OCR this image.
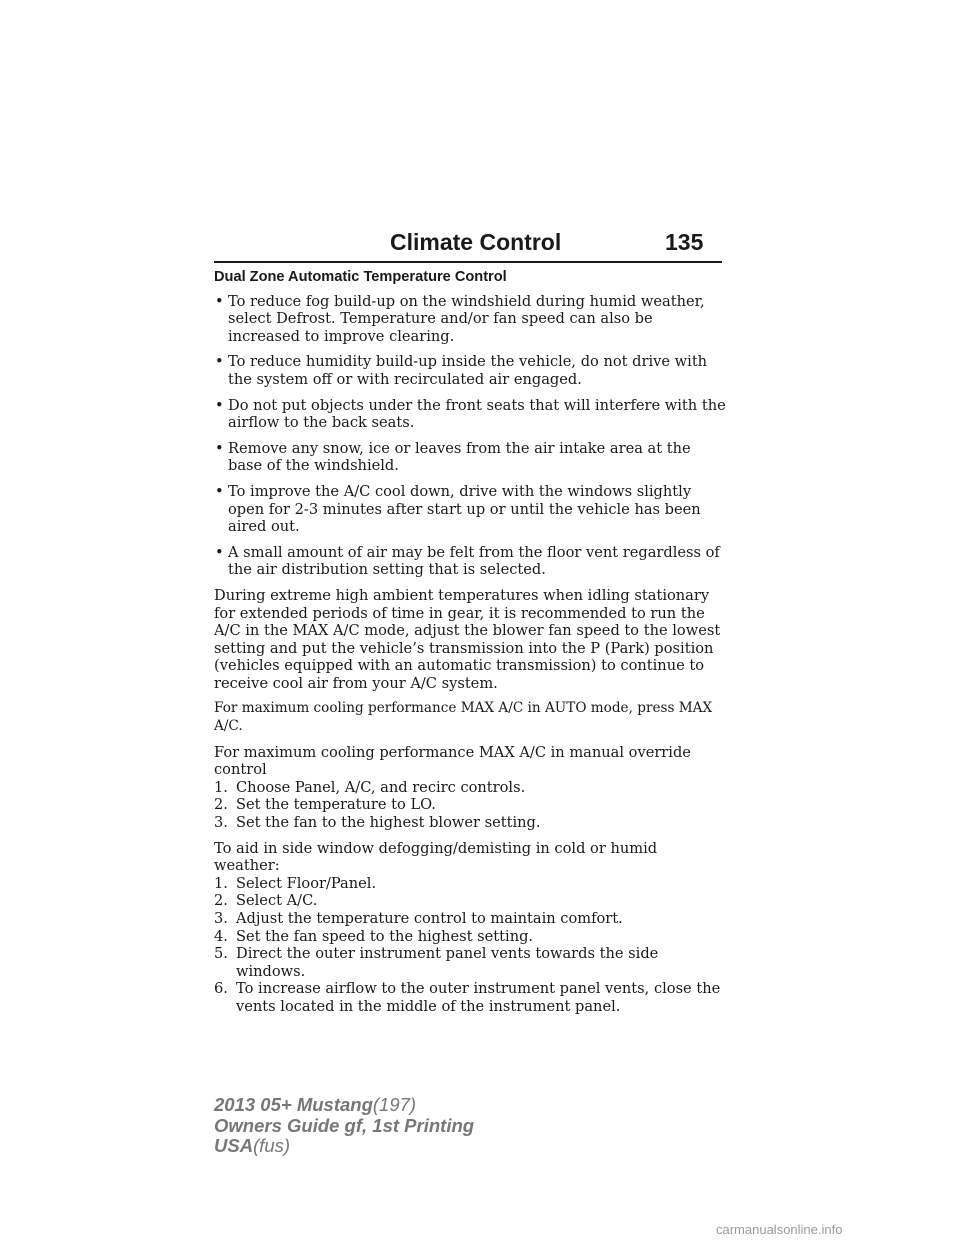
Climate Control	135
Dual Zone Automatic Temperature Control
• To reduce fog build-up on the windshield during humid weather, select Defrost. Temperature and/or fan speed can also be increased to improve clearing.
• To reduce humidity build-up inside the vehicle, do not drive with the system off or with recirculated air engaged.
• Do not put objects under the front seats that will interfere with the airflow to the back seats.
• Remove any snow, ice or leaves from the air intake area at the base of the windshield.
• To improve the A/C cool down, drive with the windows slightly open for 2-3 minutes after start up or until the vehicle has been aired out.
• A small amount of air may be felt from the floor vent regardless of the air distribution setting that is selected.

During extreme high ambient temperatures when idling stationary for extended periods of time in gear, it is recommended to run the A/C in the MAX A/C mode, adjust the blower fan speed to the lowest setting and put the vehicle’s transmission into the P (Park) position (vehicles equipped with an automatic transmission) to continue to receive cool air from your A/C system.

For maximum cooling performance MAX A/C in AUTO mode, press MAX A/C.

For maximum cooling performance MAX A/C in manual override control
1. Choose Panel, A/C, and recirc controls.
2. Set the temperature to LO.
3. Set the fan to the highest blower setting.
To aid in side window defogging/demisting in cold or humid weather:
1. Select Floor/Panel.
2. Select A/C.
3. Adjust the temperature control to maintain comfort.
4. Set the fan speed to the highest setting.
5. Direct the outer instrument panel vents towards the side windows.
6. To increase airflow to the outer instrument panel vents, close the vents located in the middle of the instrument panel.
2013 05+ Mustang(197)
Owners Guide gf, 1st Printing
USA(fus)
carmanualsonline.info
